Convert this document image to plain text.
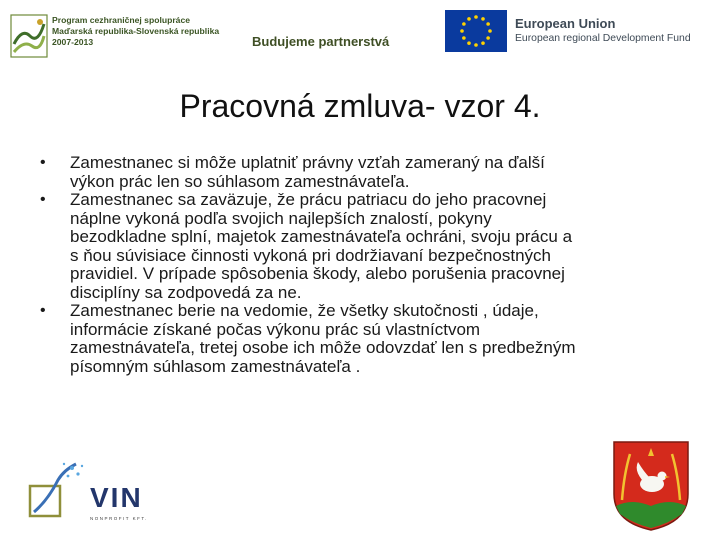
Program cezhraničnej spolupráce
Maďarská republika-Slovenská republika
2007-2013	Budujeme partnerstvá
European Union
European regional Development Fund
Pracovná zmluva- vzor 4.
• Zamestnanec si môže uplatniť právny vzťah zameraný na ďalší
výkon prác len so súhlasom zamestnávateľa.
• Zamestnanec sa zaväzuje, že prácu patriacu do jeho pracovnej
náplne vykoná podľa svojich najlepších znalostí, pokyny
bezodkladne splní, majetok zamestnávateľa ochráni, svoju prácu a
s ňou súvisiace činnosti vykoná pri dodržiavaní bezpečnostných
pravidiel. V prípade spôsobenia škody, alebo porušenia pracovnej
disciplíny sa zodpovedá za ne.
• Zamestnanec berie na vedomie, že všetky skutočnosti , údaje,
informácie získané počas výkonu prác sú vlastníctvom
zamestnávateľa, tretej osobe ich môže odovzdať len s predbežným
písomným súhlasom zamestnávateľa .
VIN
NONPROFIT KFT.
